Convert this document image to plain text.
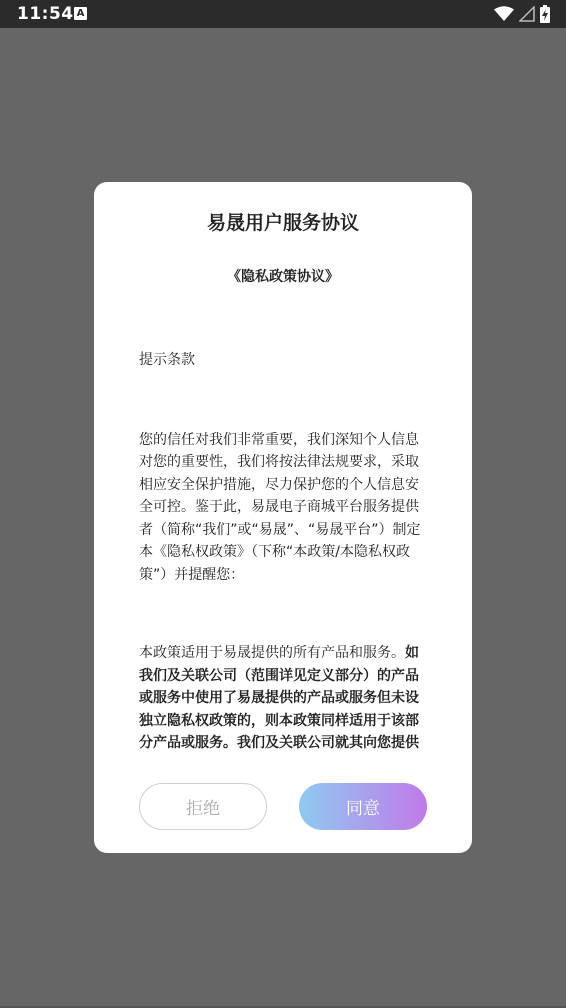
11:54 A
易晟用户服务协议
《隐私政策协议》

提示条款

您的信任对我们非常重要，我们深知个人信息对您的重要性，我们将按法律法规要求，采取相应安全保护措施，尽力保护您的个人信息安全可控。鉴于此，易晟电子商城平台服务提供者（简称“我们”或“易晟”、“易晟平台”）制定本《隐私权政策》（下称“本政策/本隐私权政策”）并提醒您：

本政策适用于易晟提供的所有产品和服务。如我们及关联公司（范围详见定义部分）的产品或服务中使用了易晟提供的产品或服务但未设独立隐私权政策的，则本政策同样适用于该部分产品或服务。我们及关联公司就其向您提供

拒绝	同意
